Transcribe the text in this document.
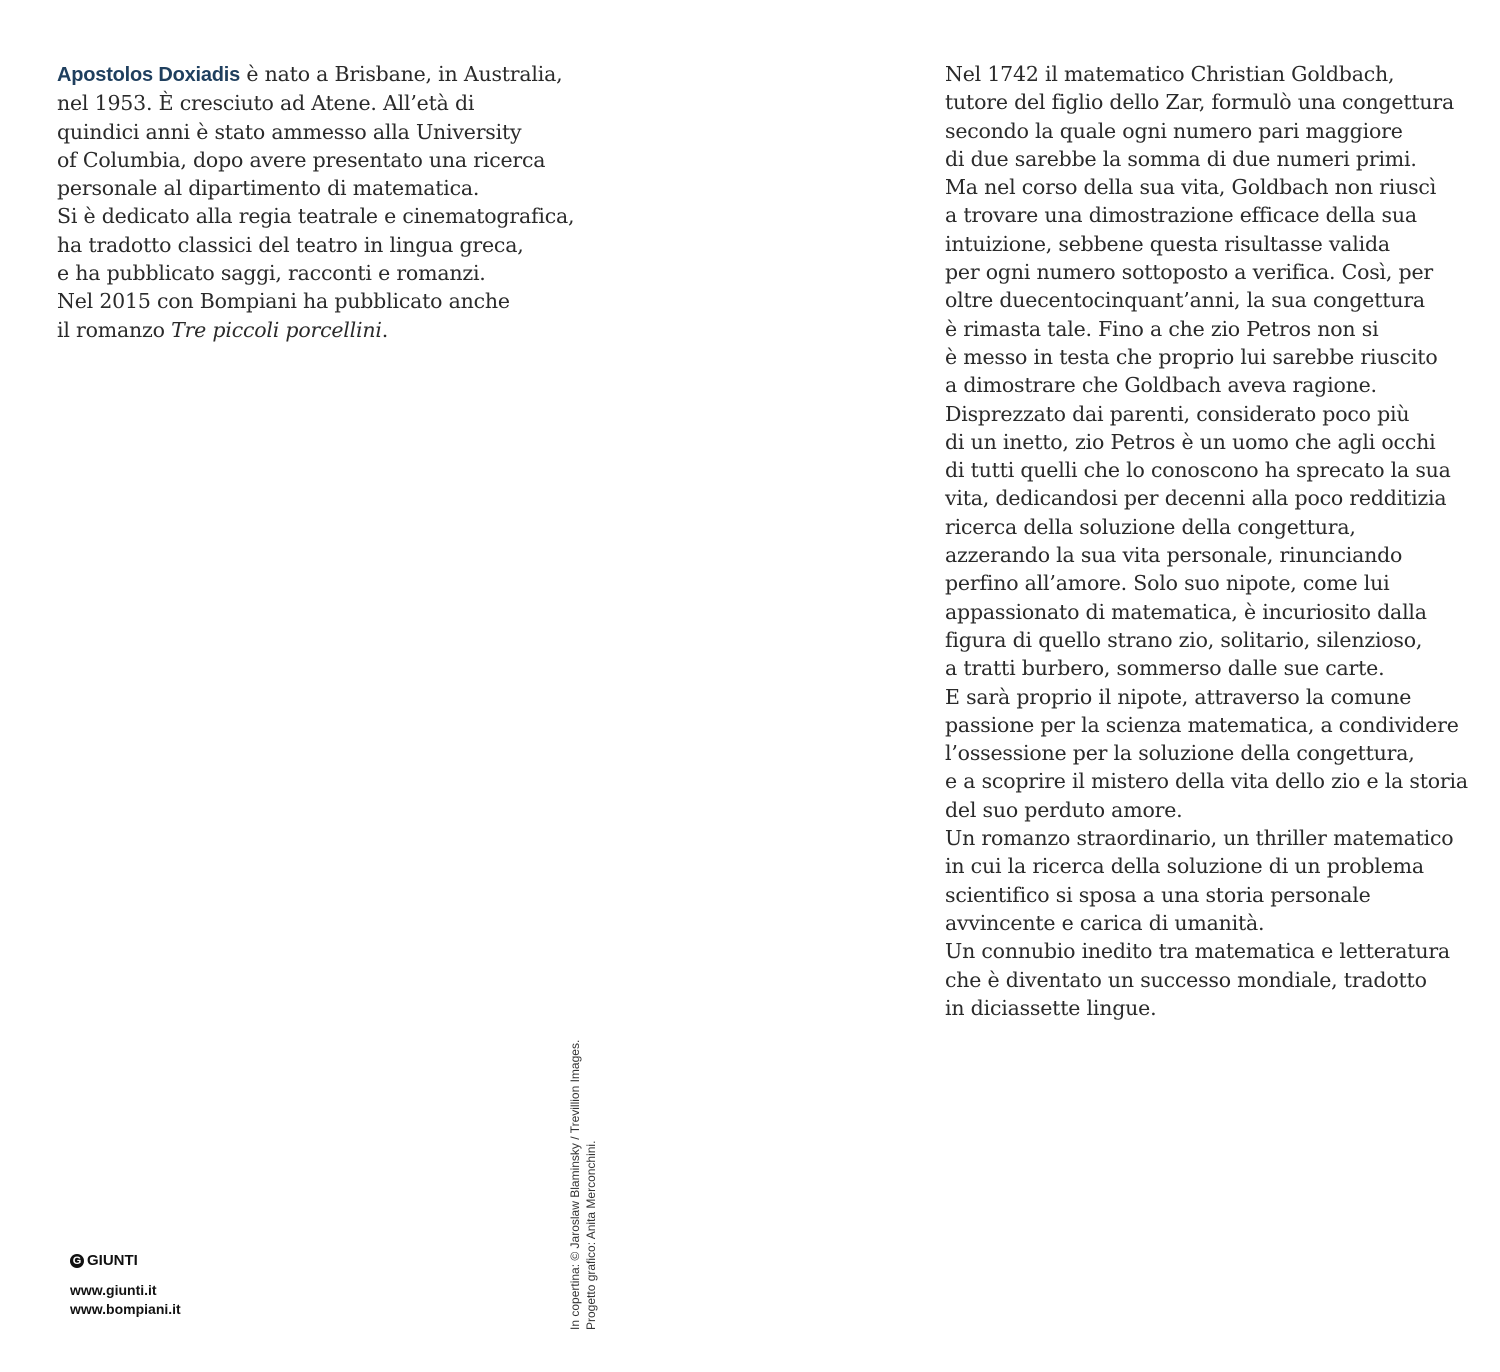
Apostolos Doxiadis è nato a Brisbane, in Australia,
nel 1953. È cresciuto ad Atene. All’età di
quindici anni è stato ammesso alla University
of Columbia, dopo avere presentato una ricerca
personale al dipartimento di matematica.
Si è dedicato alla regia teatrale e cinematografica,
ha tradotto classici del teatro in lingua greca,
e ha pubblicato saggi, racconti e romanzi.
Nel 2015 con Bompiani ha pubblicato anche
il romanzo Tre piccoli porcellini.
In copertina: © Jaroslaw Blaminsky / Trevillion Images. Progetto grafico: Anita Merconchini.
G GIUNTI
www.giunti.it
www.bompiani.it
Nel 1742 il matematico Christian Goldbach,
tutore del figlio dello Zar, formulò una congettura
secondo la quale ogni numero pari maggiore
di due sarebbe la somma di due numeri primi.
Ma nel corso della sua vita, Goldbach non riuscì
a trovare una dimostrazione efficace della sua
intuizione, sebbene questa risultasse valida
per ogni numero sottoposto a verifica. Così, per
oltre duecentocinquant’anni, la sua congettura
è rimasta tale. Fino a che zio Petros non si
è messo in testa che proprio lui sarebbe riuscito
a dimostrare che Goldbach aveva ragione.
Disprezzato dai parenti, considerato poco più
di un inetto, zio Petros è un uomo che agli occhi
di tutti quelli che lo conoscono ha sprecato la sua
vita, dedicandosi per decenni alla poco redditizia
ricerca della soluzione della congettura,
azzerando la sua vita personale, rinunciando
perfino all’amore. Solo suo nipote, come lui
appassionato di matematica, è incuriosito dalla
figura di quello strano zio, solitario, silenzioso,
a tratti burbero, sommerso dalle sue carte.
E sarà proprio il nipote, attraverso la comune
passione per la scienza matematica, a condividere
l’ossessione per la soluzione della congettura,
e a scoprire il mistero della vita dello zio e la storia
del suo perduto amore.
Un romanzo straordinario, un thriller matematico
in cui la ricerca della soluzione di un problema
scientifico si sposa a una storia personale
avvincente e carica di umanità.
Un connubio inedito tra matematica e letteratura
che è diventato un successo mondiale, tradotto
in diciassette lingue.
